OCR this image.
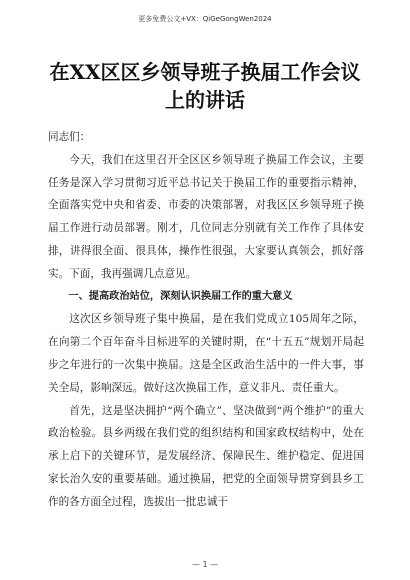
更多免费公文+VX：QiGeGongWen2024
在XX区区乡领导班子换届工作会议上的讲话

同志们：

今天，我们在这里召开全区区乡领导班子换届工作会议，主要任务是深入学习贯彻习近平总书记关于换届工作的重要指示精神，全面落实党中央和省委、市委的决策部署，对我区区乡领导班子换届工作进行动员部署。刚才，几位同志分别就有关工作作了具体安排，讲得很全面、很具体，操作性很强，大家要认真领会，抓好落实。下面，我再强调几点意见。

一、提高政治站位，深刻认识换届工作的重大意义

这次区乡领导班子集中换届，是在我们党成立105周年之际，在向第二个百年奋斗目标进军的关键时期，在“十五五”规划开局起步之年进行的一次集中换届。这是全区政治生活中的一件大事，事关全局，影响深远。做好这次换届工作，意义非凡、责任重大。

首先，这是坚决拥护“两个确立”、坚决做到“两个维护”的重大政治检验。县乡两级在我们党的组织结构和国家政权结构中，处在承上启下的关键环节，是发展经济、保障民生、维护稳定、促进国家长治久安的重要基础。通过换届，把党的全面领导贯穿到县乡工作的各方面全过程，选拔出一批忠诚干

— 1 —
